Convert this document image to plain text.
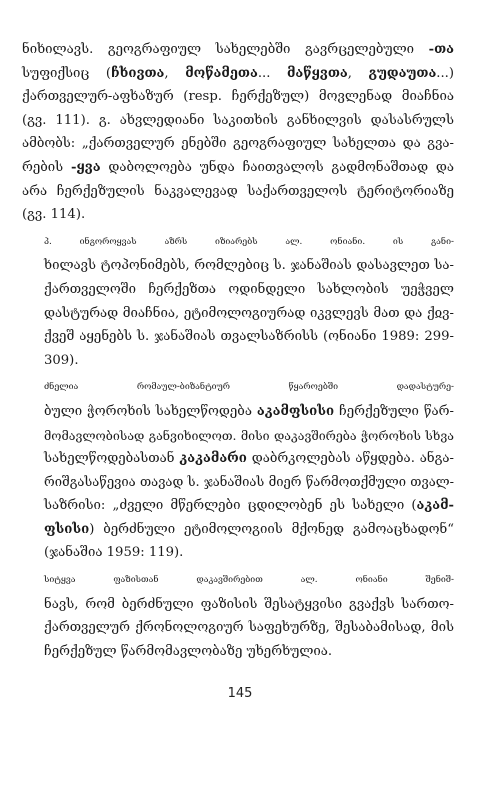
ნიხილავს. გეოგრაფიულ სახელებში გავრცელებული -თა
სუფიქსიც (ჩხივთა, მოწამეთა... მაწყვთა, გუდაუთა...)
ქართველურ-აფხაზურ (resp. ჩერქეზულ) მოვლენად მიაჩნია
(გვ. 111). გ. ახვლედიანი საკითხის განხილვის დასასრულს
ამბობს: „ქართველურ ენებში გეოგრაფიულ სახელთა და გვა-
რების -ყვა დაბოლოება უნდა ჩაითვალოს გადმონაშთად და
არა ჩერქეზულის ნაკვალევად საქართველოს ტერიტორიაზე
(გვ. 114).

პ. ინგოროყვას აზრს იზიარებს ალ. ონიანი. ის განი-
ხილავს ტოპონიმებს, რომლებიც ს. ჯანაშიას დასავლეთ სა-
ქართველოში ჩერქეზთა ოდინდელი სახლობის უეჭველ
დასტურად მიაჩნია, ეტიმოლოგიურად იკვლევს მათ და ქჲვ-
ქვეშ აყენებს ს. ჯანაშიას თვალსაზრისს (ონიანი 1989: 299-
309).

ძნელია რომაულ-ბიზანტიურ წყაროებში დადასტურე-
ბული ჭოროხის სახელწოდება აკამფსისი ჩერქეზული წარ-
მომავლობისად განვიხილოთ. მისი დაკავშირება ჭოროხის სხვა
სახელწოდებასთან კაკამარი დაბრკოლებას აწყდება. ანგა-
რიშგასაწევია თავად ს. ჯანაშიას მიერ წარმოთქმული თვალ-
საზრისი: „ძველი მწერლები ცდილობენ ეს სახელი (აკამ-
ფსისი) ბერძნული ეტიმოლოგიის მქონედ გამოაცხადონ“
(ჯანაშია 1959: 119).

სიტყვა ფაზისთან დაკავშირებით ალ. ონიანი შენიშ-
ნავს, რომ ბერძნული ფაზისის შესატყვისი გვაქვს სართო-
ქართველურ ქრონოლოგიურ საფეხურზე, შესაბამისად, მის
ჩერქეზულ წარმომავლობაზე უხერხულია.

145
